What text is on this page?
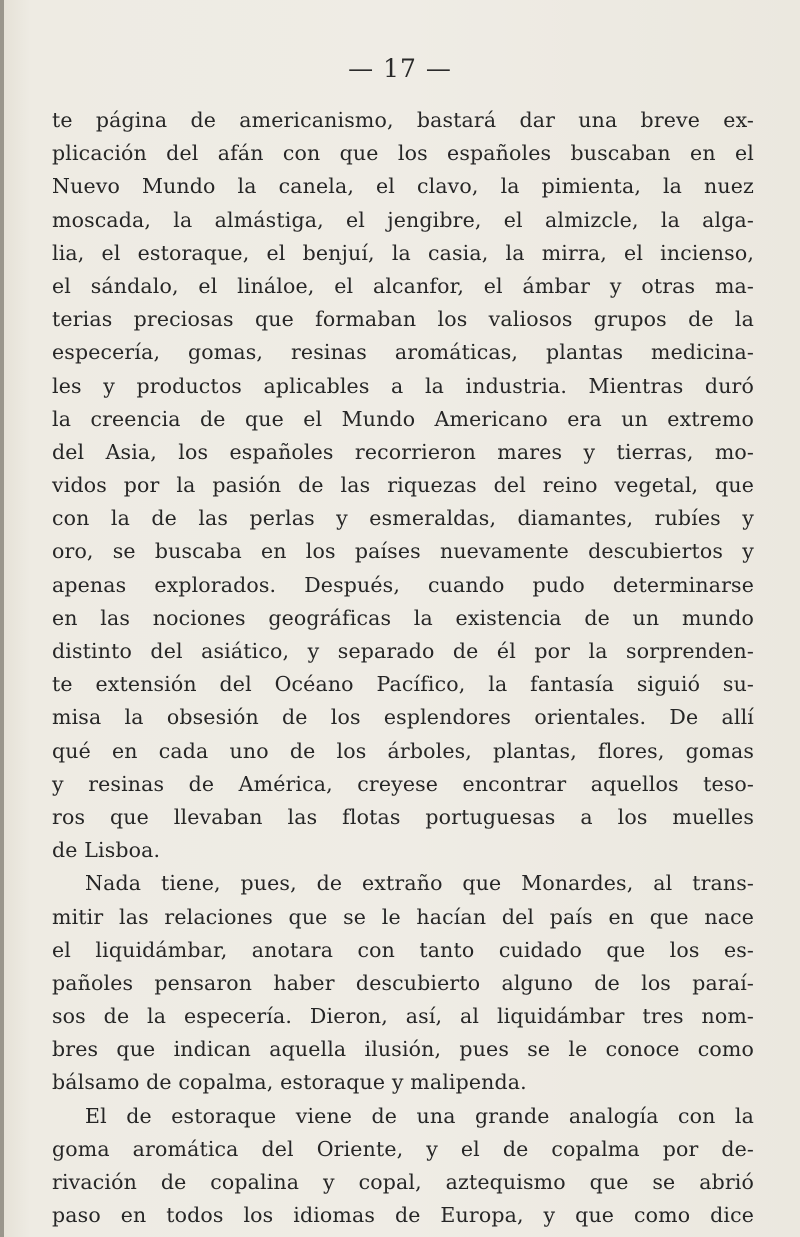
— 17 —
te página de americanismo, bastará dar una breve ex-
plicación del afán con que los españoles buscaban en el
Nuevo Mundo la canela, el clavo, la pimienta, la nuez
moscada, la almástiga, el jengibre, el almizcle, la alga-
lia, el estoraque, el benjuí, la casia, la mirra, el incienso,
el sándalo, el lináloe, el alcanfor, el ámbar y otras ma-
terias preciosas que formaban los valiosos grupos de la
especería, gomas, resinas aromáticas, plantas medicina-
les y productos aplicables a la industria. Mientras duró
la creencia de que el Mundo Americano era un extremo
del Asia, los españoles recorrieron mares y tierras, mo-
vidos por la pasión de las riquezas del reino vegetal, que
con la de las perlas y esmeraldas, diamantes, rubíes y
oro, se buscaba en los países nuevamente descubiertos y
apenas explorados. Después, cuando pudo determinarse
en las nociones geográficas la existencia de un mundo
distinto del asiático, y separado de él por la sorprenden-
te extensión del Océano Pacífico, la fantasía siguió su-
misa la obsesión de los esplendores orientales. De allí
qué en cada uno de los árboles, plantas, flores, gomas
y resinas de América, creyese encontrar aquellos teso-
ros que llevaban las flotas portuguesas a los muelles
de Lisboa.
Nada tiene, pues, de extraño que Monardes, al trans-
mitir las relaciones que se le hacían del país en que nace
el liquidámbar, anotara con tanto cuidado que los es-
pañoles pensaron haber descubierto alguno de los paraí-
sos de la especería. Dieron, así, al liquidámbar tres nom-
bres que indican aquella ilusión, pues se le conoce como
bálsamo de copalma, estoraque y malipenda.
El de estoraque viene de una grande analogía con la
goma aromática del Oriente, y el de copalma por de-
rivación de copalina y copal, aztequismo que se abrió
paso en todos los idiomas de Europa, y que como dice
